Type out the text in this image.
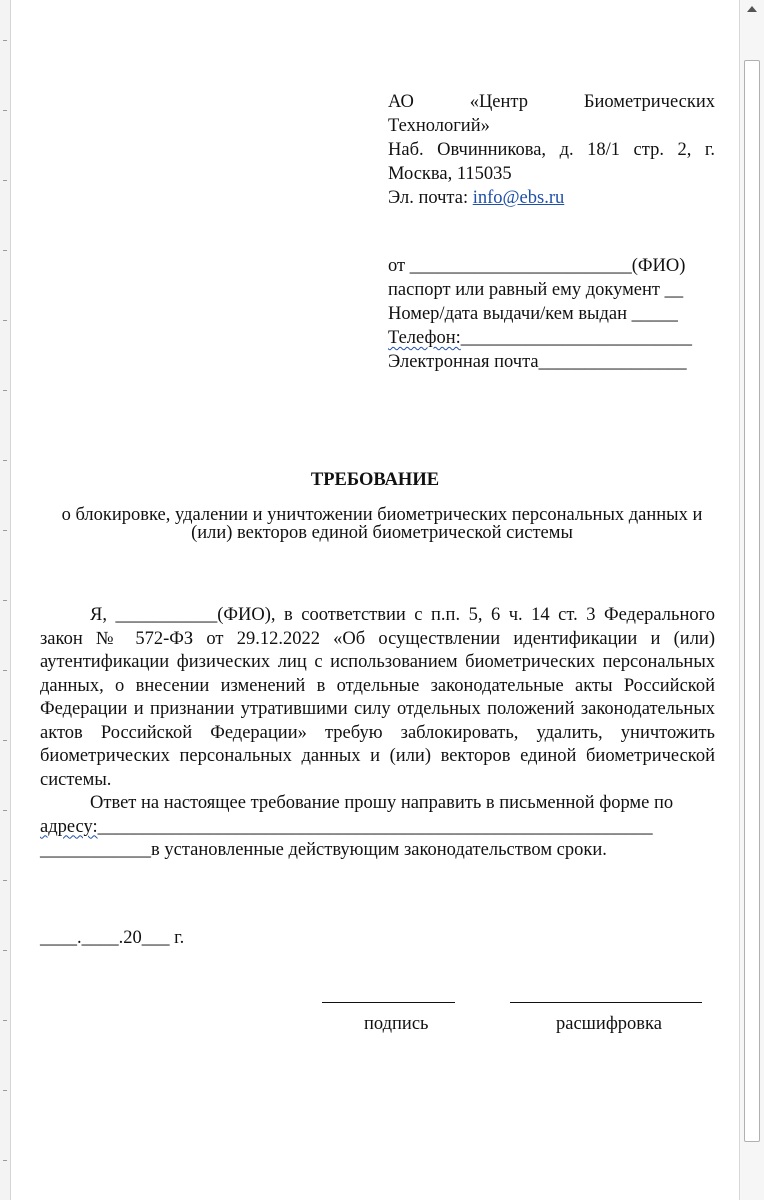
АО «Центр Биометрических
Технологий»
Наб. Овчинникова, д. 18/1 стр. 2, г.
Москва, 115035
Эл. почта: info@ebs.ru
от ________________________(ФИО)
паспорт или равный ему документ __
Номер/дата выдачи/кем выдан _____
Телефон:_________________________
Электронная почта________________
ТРЕБОВАНИЕ
о блокировке, удалении и уничтожении биометрических персональных данных и (или) векторов единой биометрической системы

Я, ___________(ФИО), в соответствии с п.п. 5, 6 ч. 14 ст. 3 Федерального закон № 572-ФЗ от 29.12.2022 «Об осуществлении идентификации и (или) аутентификации физических лиц с использованием биометрических персональных данных, о внесении изменений в отдельные законодательные акты Российской Федерации и признании утратившими силу отдельных положений законодательных актов Российской Федерации» требую заблокировать, удалить, уничтожить биометрических персональных данных и (или) векторов единой биометрической системы.

Ответ на настоящее требование прошу направить в письменной форме по

адресу:____________________________________________________________
____________в установленные действующим законодательством сроки.
____.____.20___ г.
подпись	расшифровка
